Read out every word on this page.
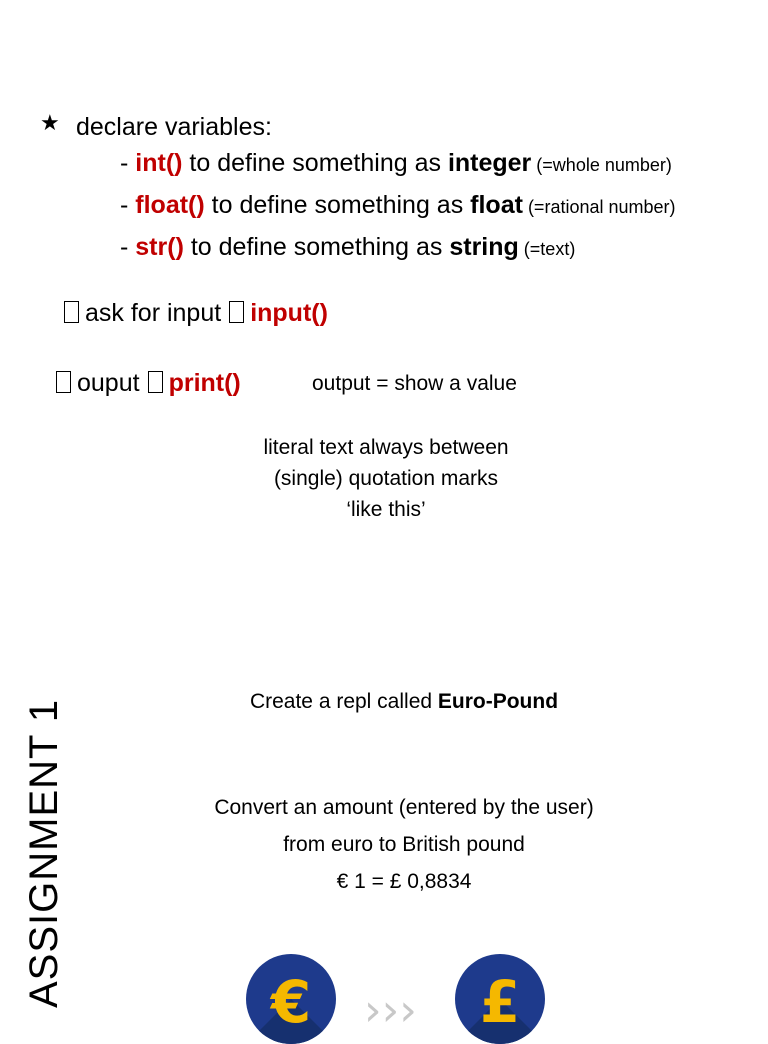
★ declare variables:
- int() to define something as integer (=whole number)
- float() to define something as float (=rational number)
- str() to define something as string (=text)
ask for input input()
ouput print()	output = show a value
literal text always between
(single) quotation marks
‘like this’
ASSIGNMENT 1	Create a repl called Euro-Pound
Convert an amount (entered by the user)
from euro to British pound
€ 1 = £ 0,8834
€	›››	£
